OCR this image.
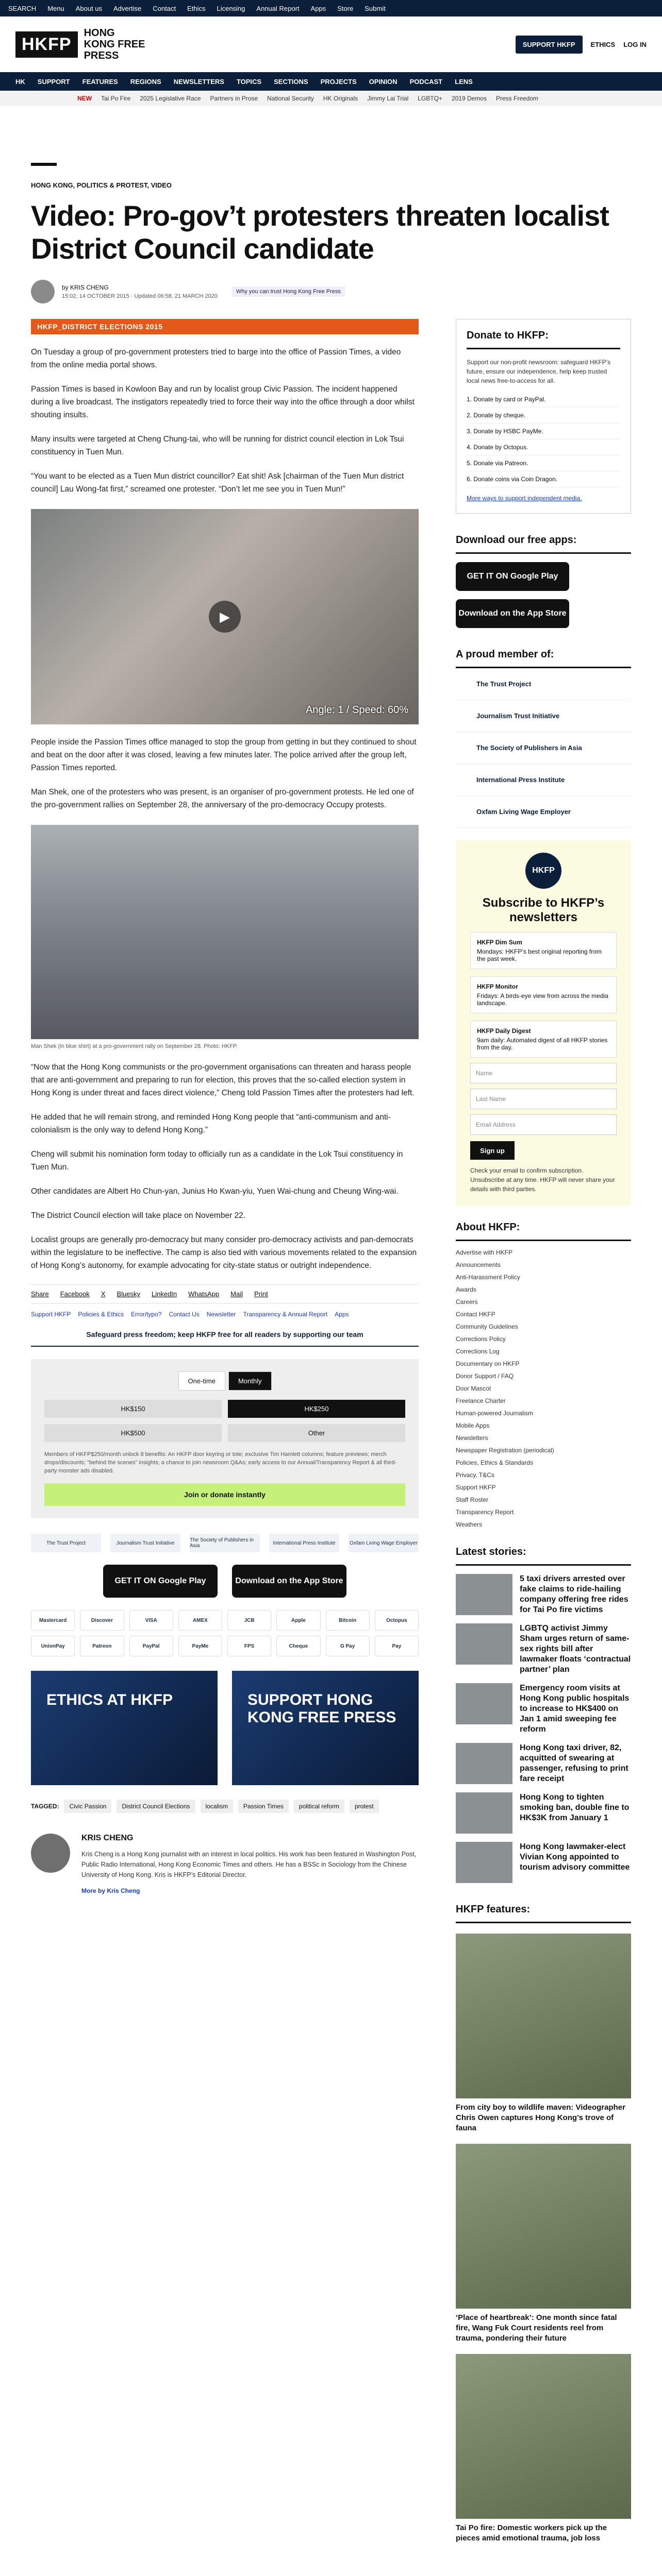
SEARCH Menu About us Advertise Contact Ethics Licensing Annual Report Apps Store Submit
HKFP
HONG KONG FREE PRESS
SUPPORT HKFP	ETHICS LOG IN
HK SUPPORT FEATURES REGIONS NEWSLETTERS TOPICS SECTIONS PROJECTS OPINION PODCAST LENS
NEW Tai Po Fire 2025 Legislative Race Partners in Prose National Security HK Originals Jimmy Lai Trial LGBTQ+ 2019 Demos Press Freedom
HONG KONG, POLITICS & PROTEST, VIDEO
Video: Pro-gov’t protesters threaten localist District Council candidate
by KRIS CHENG
15:02, 14 OCTOBER 2015 · Updated 06:58, 21 MARCH 2020
Why you can trust Hong Kong Free Press
HKFP_DISTRICT ELECTIONS 2015

On Tuesday a group of pro-government protesters tried to barge into the office of Passion Times, a video from the online media portal shows.

Passion Times is based in Kowloon Bay and run by localist group Civic Passion. The incident happened during a live broadcast. The instigators repeatedly tried to force their way into the office through a door whilst shouting insults.

Many insults were targeted at Cheng Chung-tai, who will be running for district council election in Lok Tsui constituency in Tuen Mun.

“You want to be elected as a Tuen Mun district councillor? Eat shit! Ask [chairman of the Tuen Mun district council] Lau Wong-fat first,” screamed one protester. “Don’t let me see you in Tuen Mun!”

▶
Angle: 1 / Speed: 60%

People inside the Passion Times office managed to stop the group from getting in but they continued to shout and beat on the door after it was closed, leaving a few minutes later. The police arrived after the group left, Passion Times reported.

Man Shek, one of the protesters who was present, is an organiser of pro-government protests. He led one of the pro-government rallies on September 28, the anniversary of the pro-democracy Occupy protests.

Man Shek (in blue shirt) at a pro-government rally on September 28. Photo: HKFP.

“Now that the Hong Kong communists or the pro-government organisations can threaten and harass people that are anti-government and preparing to run for election, this proves that the so-called election system in Hong Kong is under threat and faces direct violence,” Cheng told Passion Times after the protesters had left.

He added that he will remain strong, and reminded Hong Kong people that “anti-communism and anti-colonialism is the only way to defend Hong Kong.”

Cheng will submit his nomination form today to officially run as a candidate in the Lok Tsui constituency in Tuen Mun.

Other candidates are Albert Ho Chun-yan, Junius Ho Kwan-yiu, Yuen Wai-chung and Cheung Wing-wai.

The District Council election will take place on November 22.

Localist groups are generally pro-democracy but many consider pro-democracy activists and pan-democrats within the legislature to be ineffective. The camp is also tied with various movements related to the expansion of Hong Kong’s autonomy, for example advocating for city-state status or outright independence.

Share Facebook X Bluesky LinkedIn WhatsApp Mail Print
Support HKFP Policies & Ethics Error/typo? Contact Us Newsletter Transparency & Annual Report Apps
Safeguard press freedom; keep HKFP free for all readers by supporting our team
One-time	Monthly
HK$150	HK$250
HK$500	Other
Members of HKFP$250/month unlock 8 benefits: An HKFP door keyring or tote; exclusive Tim Hamlett columns; feature previews; merch drops/discounts; "behind the scenes" insights; a chance to join newsroom Q&As; early access to our Annual/Transparency Report & all third-party monster ads disabled.
Join or donate instantly
The Trust Project	Journalism Trust Initiative	The Society of Publishers in Asia	International Press Institute	Oxfam Living Wage Employer
GET IT ON Google Play	Download on the App Store
Mastercard	Discover	VISA	AMEX	JCB	Apple	Bitcoin	Octopus
UnionPay	Patreon	PayPal	PayMe	FPS	Cheque	G Pay	Pay
ETHICS AT HKFP	SUPPORT HONG KONG FREE PRESS
TAGGED:	Civic Passion	District Council Elections	localism	Passion Times	political reform	protest
KRIS CHENG
Kris Cheng is a Hong Kong journalist with an interest in local politics. His work has been featured in Washington Post, Public Radio International, Hong Kong Economic Times and others. He has a BSSc in Sociology from the Chinese University of Hong Kong. Kris is HKFP’s Editorial Director.
More by Kris Cheng
Donate to HKFP:

Support our non-profit newsroom: safeguard HKFP’s future, ensure our independence, help keep trusted local news free-to-access for all.

1. Donate by card or PayPal.
2. Donate by cheque.
3. Donate by HSBC PayMe.
4. Donate by Octopus.
5. Donate via Patreon.
6. Donate coins via Coin Dragon.

More ways to support independent media.

Download our free apps:
GET IT ON Google Play
Download on the App Store
A proud member of:
The Trust Project
Journalism Trust Initiative
The Society of Publishers in Asia
International Press Institute
Oxfam Living Wage Employer
HKFP
Subscribe to HKFP’s newsletters
HKFP Dim Sum
Mondays: HKFP’s best original reporting from the past week.
HKFP Monitor
Fridays: A birds-eye view from across the media landscape.
HKFP Daily Digest
9am daily: Automated digest of all HKFP stories from the day.
Name
Last Name
Email Address
Sign up

Check your email to confirm subscription. Unsubscribe at any time. HKFP will never share your details with third parties.

About HKFP:
Advertise with HKFP
Announcements
Anti-Harassment Policy
Awards
Careers
Contact HKFP
Community Guidelines
Corrections Policy
Corrections Log
Documentary on HKFP
Donor Support / FAQ
Door Mascot
Freelance Charter
Human-powered Journalism
Mobile Apps
Newsletters
Newspaper Registration (periodical)
Policies, Ethics & Standards
Privacy, T&Cs
Support HKFP
Staff Roster
Transparency Report
Weathers
Latest stories:
5 taxi drivers arrested over fake claims to ride-hailing company offering free rides for Tai Po fire victims
LGBTQ activist Jimmy Sham urges return of same-sex rights bill after lawmaker floats ‘contractual partner’ plan
Emergency room visits at Hong Kong public hospitals to increase to HK$400 on Jan 1 amid sweeping fee reform
Hong Kong taxi driver, 82, acquitted of swearing at passenger, refusing to print fare receipt
Hong Kong to tighten smoking ban, double fine to HK$3K from January 1
Hong Kong lawmaker-elect Vivian Kong appointed to tourism advisory committee
HKFP features:
From city boy to wildlife maven: Videographer Chris Owen captures Hong Kong’s trove of fauna
‘Place of heartbreak’: One month since fatal fire, Wang Fuk Court residents reel from trauma, pondering their future
Tai Po fire: Domestic workers pick up the pieces amid emotional trauma, job loss
